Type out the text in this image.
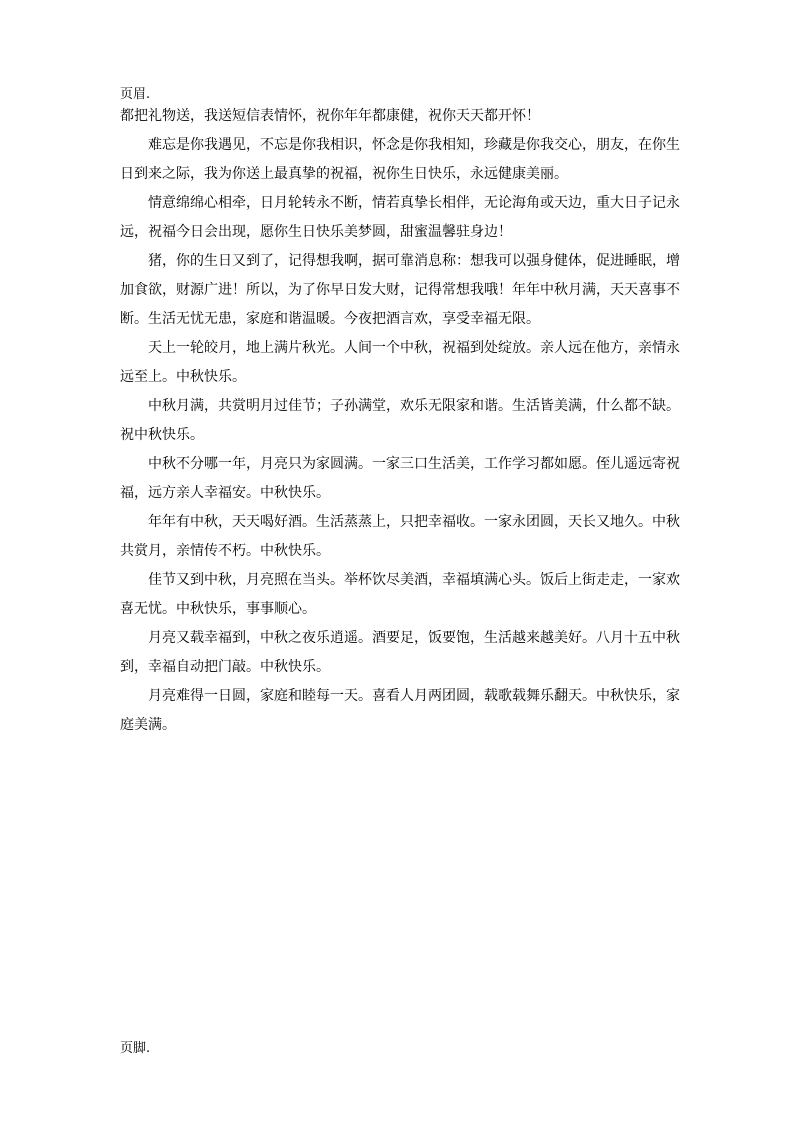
页眉.

都把礼物送，我送短信表情怀，祝你年年都康健，祝你天天都开怀！

难忘是你我遇见，不忘是你我相识，怀念是你我相知，珍藏是你我交心，朋友，在你生日到来之际，我为你送上最真挚的祝福，祝你生日快乐，永远健康美丽。

情意绵绵心相牵，日月轮转永不断，情若真挚长相伴，无论海角或天边，重大日子记永远，祝福今日会出现，愿你生日快乐美梦圆，甜蜜温馨驻身边！

猪，你的生日又到了，记得想我啊，据可靠消息称：想我可以强身健体，促进睡眠，增加食欲，财源广进！所以，为了你早日发大财，记得常想我哦！年年中秋月满，天天喜事不断。生活无忧无患，家庭和谐温暖。今夜把酒言欢，享受幸福无限。

天上一轮皎月，地上满片秋光。人间一个中秋，祝福到处绽放。亲人远在他方，亲情永远至上。中秋快乐。

中秋月满，共赏明月过佳节；子孙满堂，欢乐无限家和谐。生活皆美满，什么都不缺。祝中秋快乐。

中秋不分哪一年，月亮只为家圆满。一家三口生活美，工作学习都如愿。侄儿遥远寄祝福，远方亲人幸福安。中秋快乐。

年年有中秋，天天喝好酒。生活蒸蒸上，只把幸福收。一家永团圆，天长又地久。中秋共赏月，亲情传不朽。中秋快乐。

佳节又到中秋，月亮照在当头。举杯饮尽美酒，幸福填满心头。饭后上街走走，一家欢喜无忧。中秋快乐，事事顺心。

月亮又载幸福到，中秋之夜乐逍遥。酒要足，饭要饱，生活越来越美好。八月十五中秋到，幸福自动把门敲。中秋快乐。

月亮难得一日圆，家庭和睦每一天。喜看人月两团圆，载歌载舞乐翻天。中秋快乐，家庭美满。

页脚.
